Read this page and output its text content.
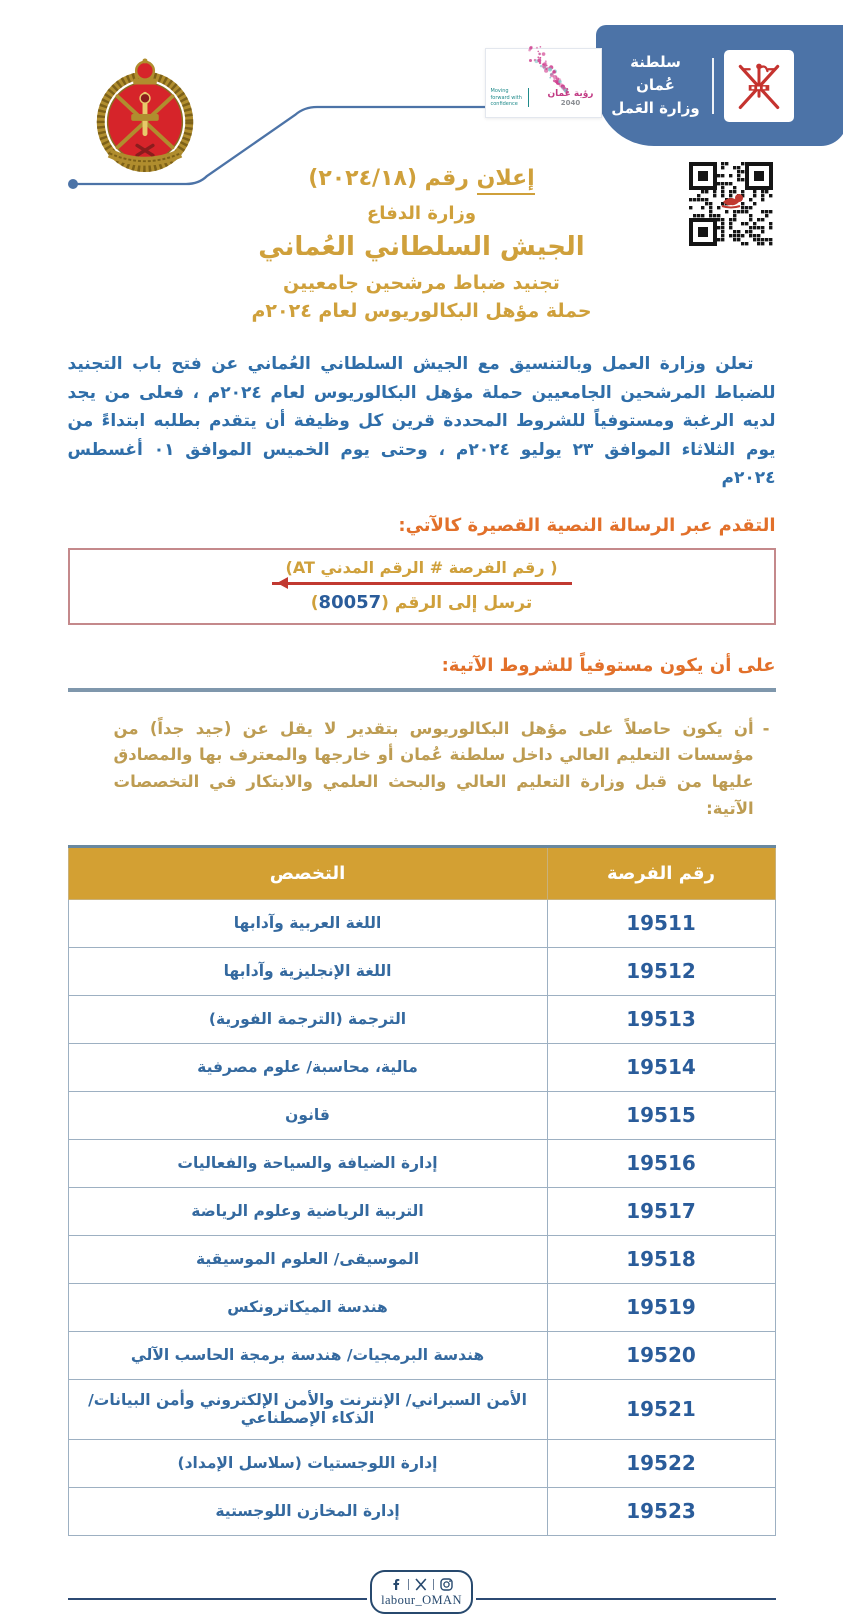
سلطنة عُمان
وزارة العَمل
رؤية عُمان
2040
Moving forward with confidence
إعلان رقم (٢٠٢٤/١٨)
وزارة الدفاع
الجيش السلطاني العُماني
تجنيد ضباط مرشحين جامعيين
حملة مؤهل البكالوريوس لعام ٢٠٢٤م

تعلن وزارة العمل وبالتنسيق مع الجيش السلطاني العُماني عن فتح باب التجنيد للضباط المرشحين الجامعيين حملة مؤهل البكالوريوس لعام ٢٠٢٤م ، فعلى من يجد لديه الرغبة ومستوفياً للشروط المحددة قرين كل وظيفة أن يتقدم بطلبه ابتداءً من يوم الثلاثاء الموافق ٢٣ يوليو ٢٠٢٤م ، وحتى يوم الخميس الموافق ٠١ أغسطس ٢٠٢٤م

التقدم عبر الرسالة النصية القصيرة كالآتي:
( رقم الفرصة # الرقم المدني AT)
ترسل إلى الرقم (80057)
على أن يكون مستوفياً للشروط الآتية:
-
أن يكون حاصلاً على مؤهل البكالوريوس بتقدير لا يقل عن (جيد جداً) من مؤسسات التعليم العالي داخل سلطنة عُمان أو خارجها والمعترف بها والمصادق عليها من قبل وزارة التعليم العالي والبحث العلمي والابتكار في التخصصات الآتية:
رقم الفرصة	التخصص
19511	اللغة العربية وآدابها
19512	اللغة الإنجليزية وآدابها
19513	الترجمة (الترجمة الفورية)
19514	مالية، محاسبة/ علوم مصرفية
19515	قانون
19516	إدارة الضيافة والسياحة والفعاليات
19517	التربية الرياضية وعلوم الرياضة
19518	الموسيقى/ العلوم الموسيقية
19519	هندسة الميكاترونكس
19520	هندسة البرمجيات/ هندسة برمجة الحاسب الآلي
19521	الأمن السبراني/ الإنترنت والأمن الإلكتروني وأمن البيانات/ الذكاء الإصطناعي
19522	إدارة اللوجستيات (سلاسل الإمداد)
19523	إدارة المخازن اللوجستية
labour_OMAN
